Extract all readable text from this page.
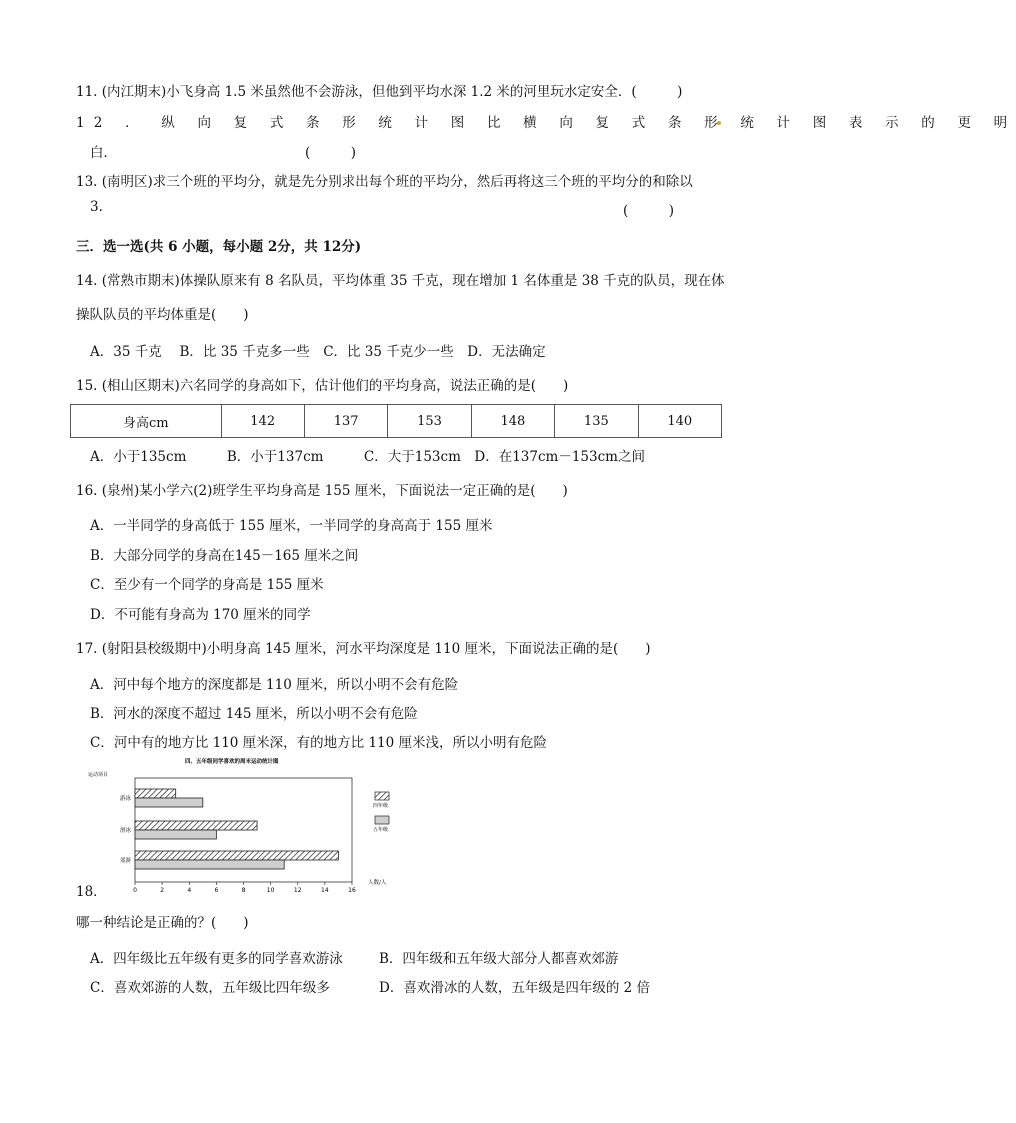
11. (内江期末)小飞身高 1.5 米虽然他不会游泳，但他到平均水深 1.2 米的河里玩水定安全．(　　　)
12 ． 纵 向 复 式 条 形 统 计 图 比 横 向 复 式 条 形 统 计 图 表 示 的 更 明
白．	(　　　)
13. (南明区)求三个班的平均分，就是先分别求出每个班的平均分，然后再将这三个班的平均分的和除以
3.	(　　　)
三．选一选(共 6 小题，每小题 2分，共 12分)
14. (常熟市期末)体操队原来有 8 名队员，平均体重 35 千克，现在增加 1 名体重是 38 千克的队员，现在体
操队队员的平均体重是(　　)
A．35 千克　 B．比 35 千克多一些　C．比 35 千克少一些　D．无法确定
15. (相山区期末)六名同学的身高如下，估计他们的平均身高，说法正确的是(　　)
身高cm	142	137	153	148	135	140
A．小于135cm　　　B．小于137cm　　　C．大于153cm　D．在137cm－153cm之间
16. (泉州)某小学六(2)班学生平均身高是 155 厘米，下面说法一定正确的是(　　)
A．一半同学的身高低于 155 厘米，一半同学的身高高于 155 厘米
B．大部分同学的身高在145－165 厘米之间
C．至少有一个同学的身高是 155 厘米
D．不可能有身高为 170 厘米的同学
17. (射阳县校级期中)小明身高 145 厘米，河水平均深度是 110 厘米，下面说法正确的是(　　)
A．河中每个地方的深度都是 110 厘米，所以小明不会有危险
B．河水的深度不超过 145 厘米，所以小明不会有危险
C．河中有的地方比 110 厘米深，有的地方比 110 厘米浅，所以小明有危险
四、五年级同学喜欢的周末运动统计图
运动项目
人数/人
0	2	4	6	8	10	12	14	16
游泳
滑冰
郊游
四年级
五年级
18．
哪一种结论是正确的？(　　)
A．四年级比五年级有更多的同学喜欢游泳	B．四年级和五年级大部分人都喜欢郊游
C．喜欢郊游的人数，五年级比四年级多	D．喜欢滑冰的人数，五年级是四年级的 2 倍
